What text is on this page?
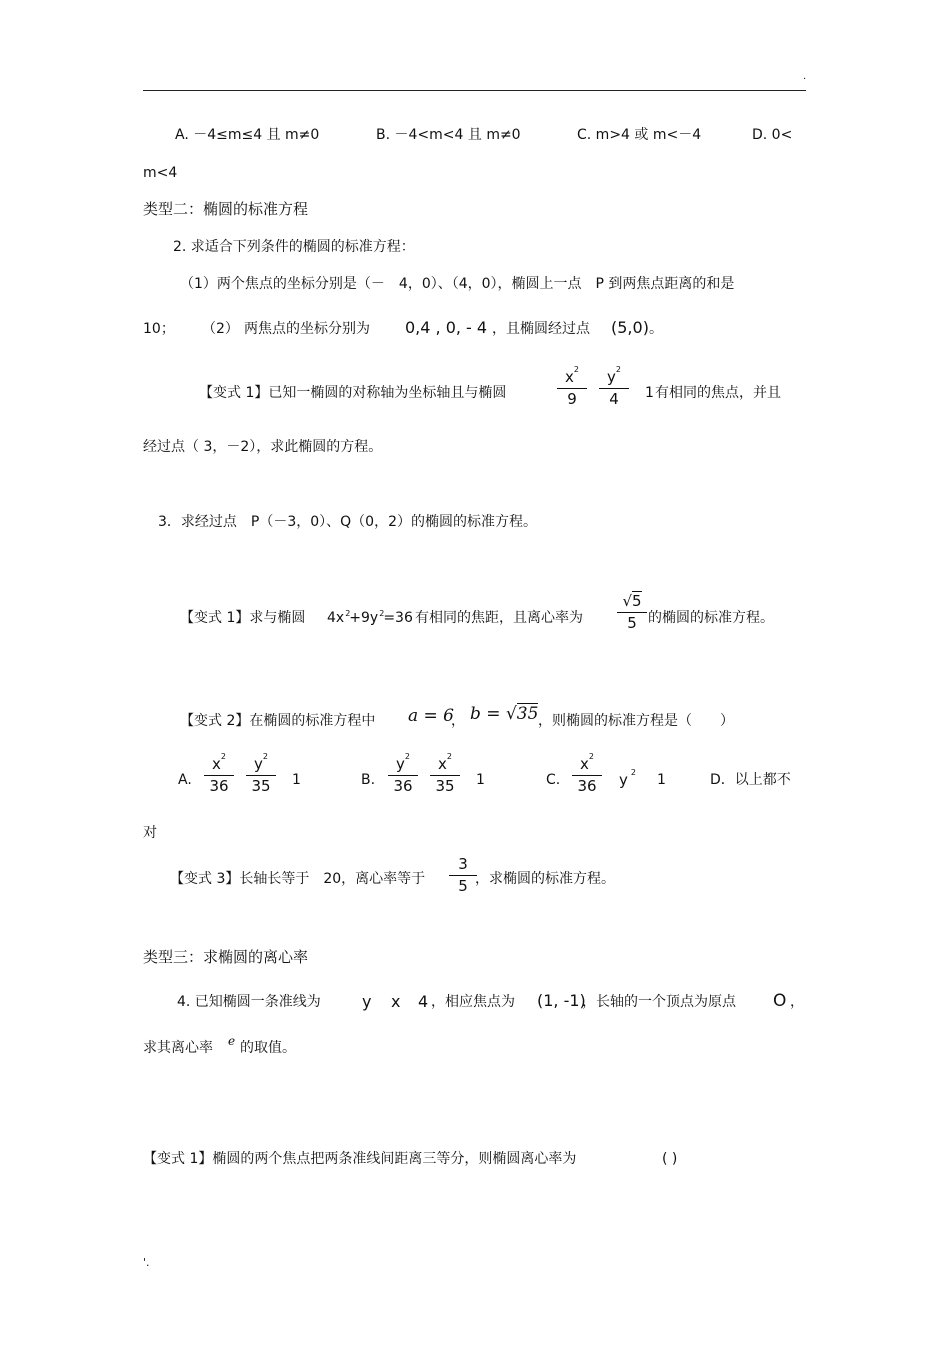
.
A. －4≤m≤4 且 m≠0	B. －4<m<4 且 m≠0	C. m>4 或 m<－4	D. 0<
m<4
类型二：椭圆的标准方程
2. 求适合下列条件的椭圆的标准方程：
（1）两个焦点的坐标分别是（－　4，0）、（4，0），椭圆上一点　P 到两焦点距离的和是
10； （2） 两焦点的坐标分别为 0,4 , 0, - 4 ，且椭圆经过点 (5,0) 。
【变式 1】已知一椭圆的对称轴为坐标轴且与椭圆
$x^2$
9
$y^2$
4	1 有相同的焦点，并且
经过点（ 3，－2），求此椭圆的方程。
3．求经过点　P（－3，0）、Q（0，2）的椭圆的标准方程。
【变式 1】求与椭圆 $4x^2+9y^2=36$ 有相同的焦距，且离心率为
√5
5 的椭圆的标准方程。
【变式 2】在椭圆的标准方程中 a = 6
， b = √35 ，则椭圆的标准方程是（　　）
A.
$x^2$
36
$y^2$
35	1	B.
$y^2$
36
$x^2$
35	1	C.
$x^2$
36	y $^2$ 1	D．以上都不
对
【变式 3】长轴长等于　20，离心率等于
3
5 ，求椭圆的标准方程。
类型三：求椭圆的离心率
4. 已知椭圆一条准线为	y x 4 ，相应焦点为 (1, -1)
，长轴的一个顶点为原点 O ，
求其离心率 e 的取值。
【变式 1】椭圆的两个焦点把两条准线间距离三等分，则椭圆离心率为	( )
'.
